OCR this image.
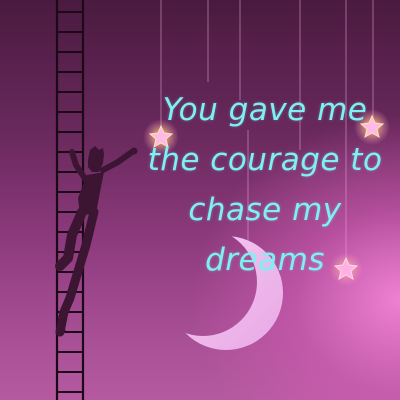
You gave me
the courage to
chase my
dreams
